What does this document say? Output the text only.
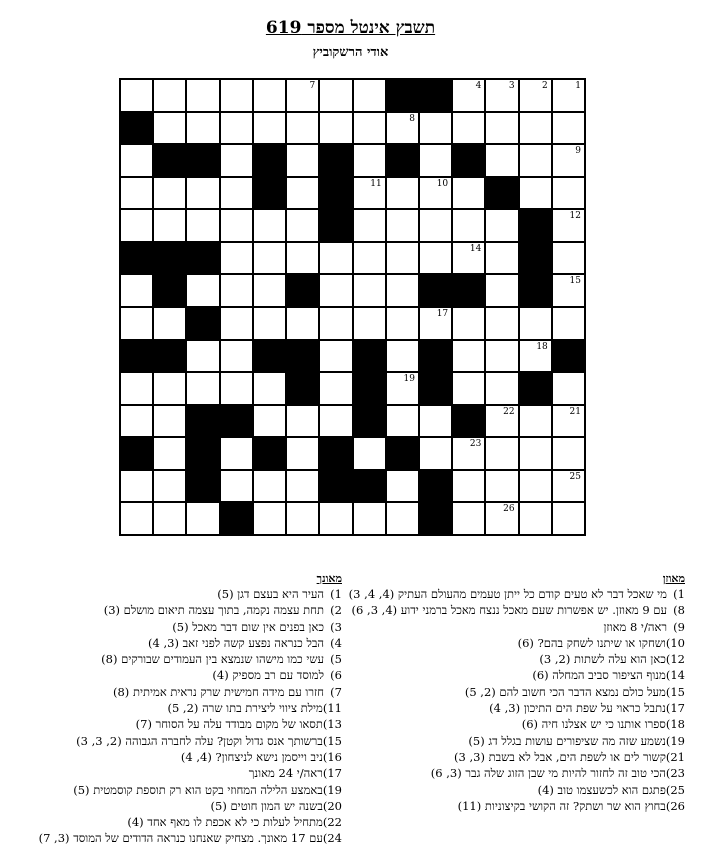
תשבץ אינטל מספר 619
אודי הרשקוביץ
7	6	5	4	3	2	1
8
9
11	10
13 12
14
16	15
17
18
20	19
22	21
24	23
25
26
מאוזן
1)מי שאכל דבר לא טעים קודם כל ייתן טעמים מהעולם העתיק (4, 4, 3)
8)עם 9 מאוזן. יש אפשרות שעם מאכל ננצח מאכל ברמני ידוע (4, 3, 6)
9)ראה/י 8 מאוזן
10)ושחקו או שיתנו לשחק בהם? (6)
12)כאן הוא עלה לשתות (2, 3)
14)מנוף הציפור סביב המחלה (6)
15)מעל כולם נמצא הדבר הכי חשוב להם (2, 5)
17)נתבל כראוי על שפת הים התיכון (3, 4)
18)ספרו אותנו כי יש אצלנו חיה (6)
19)נשמע שזה מה שציפורים עושות בגלל דג (5)
21)קשור לים או לשפת הים, אבל לא בשבת (3, 3)
23)הכי טוב זה לחזור להיות מי שבן הזוג שלה גבר (3, 6)
25)פתגם הוא לכשעצמו טוב (4)
26)בחוץ הוא שר ושתק? זה הקושי בקיצוניות (11)
מאונך
1)העיר היא בעצם דגן (5)
2)תחת עצמה נקמה, בתוך עצמה תיאום מושלם (3)
3)כאן בפנים אין שום דבר מאכל (5)
4)הבל כנראה נפצע קשה לפני זאב (3, 4)
5)עשי כמו מישהו שנמצא בין העמודים שבורקים (8)
6)למוסד עם רב מספיק (4)
7)חזרו עם מידה חמישית שרק נראית אמיתית (8)
11)מילת ציווי ליצירת בתו שרה (2, 5)
13)תסאו של מקום מבודד עלה על הסוחר (7)
15)ברשותך אנס גדול וקטן? עלה לחברה הגבוהה (2, 3, 3)
16)ניב וייסמן נישא לניצחון? (4, 4)
17)ראה/י 24 מאונך
19)באמצע הלילה המחוזי בקט הוא רק תוספת קוסמטית (5)
20)בשנה יש המון חוטים (5)
22)מתחיל לעלות כי לא אכפת לו מאף אחד (4)
24)עם 17 מאונך. מצחיק שאנחנו כנראה הדודים של המוסד (3, 7)
